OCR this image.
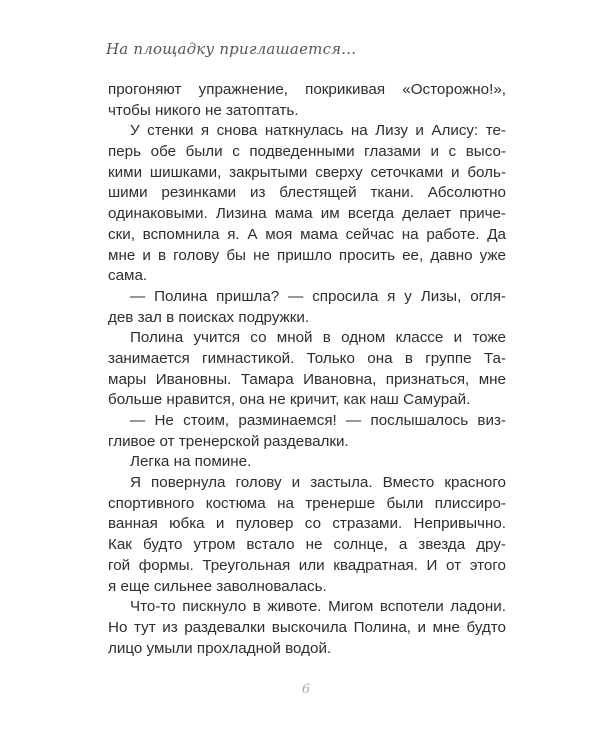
На площадку приглашается...
прогоняют упражнение, покрикивая «Осторожно!»,
чтобы никого не затоптать.
У стенки я снова наткнулась на Лизу и Алису: те-
перь обе были с подведенными глазами и с высо-
кими шишками, закрытыми сверху сеточками и боль-
шими резинками из блестящей ткани. Абсолютно
одинаковыми. Лизина мама им всегда делает приче-
ски, вспомнила я. А моя мама сейчас на работе. Да
мне и в голову бы не пришло просить ее, давно уже
сама.
— Полина пришла? — спросила я у Лизы, огля-
дев зал в поисках подружки.
Полина учится со мной в одном классе и тоже
занимается гимнастикой. Только она в группе Та-
мары Ивановны. Тамара Ивановна, признаться, мне
больше нравится, она не кричит, как наш Самурай.
— Не стоим, разминаемся! — послышалось виз-
гливое от тренерской раздевалки.
Легка на помине.
Я повернула голову и застыла. Вместо красного
спортивного костюма на тренерше были плиссиро-
ванная юбка и пуловер со стразами. Непривычно.
Как будто утром встало не солнце, а звезда дру-
гой формы. Треугольная или квадратная. И от этого
я еще сильнее заволновалась.
Что-то пискнуло в животе. Мигом вспотели ладони.
Но тут из раздевалки выскочила Полина, и мне будто
лицо умыли прохладной водой.
6
